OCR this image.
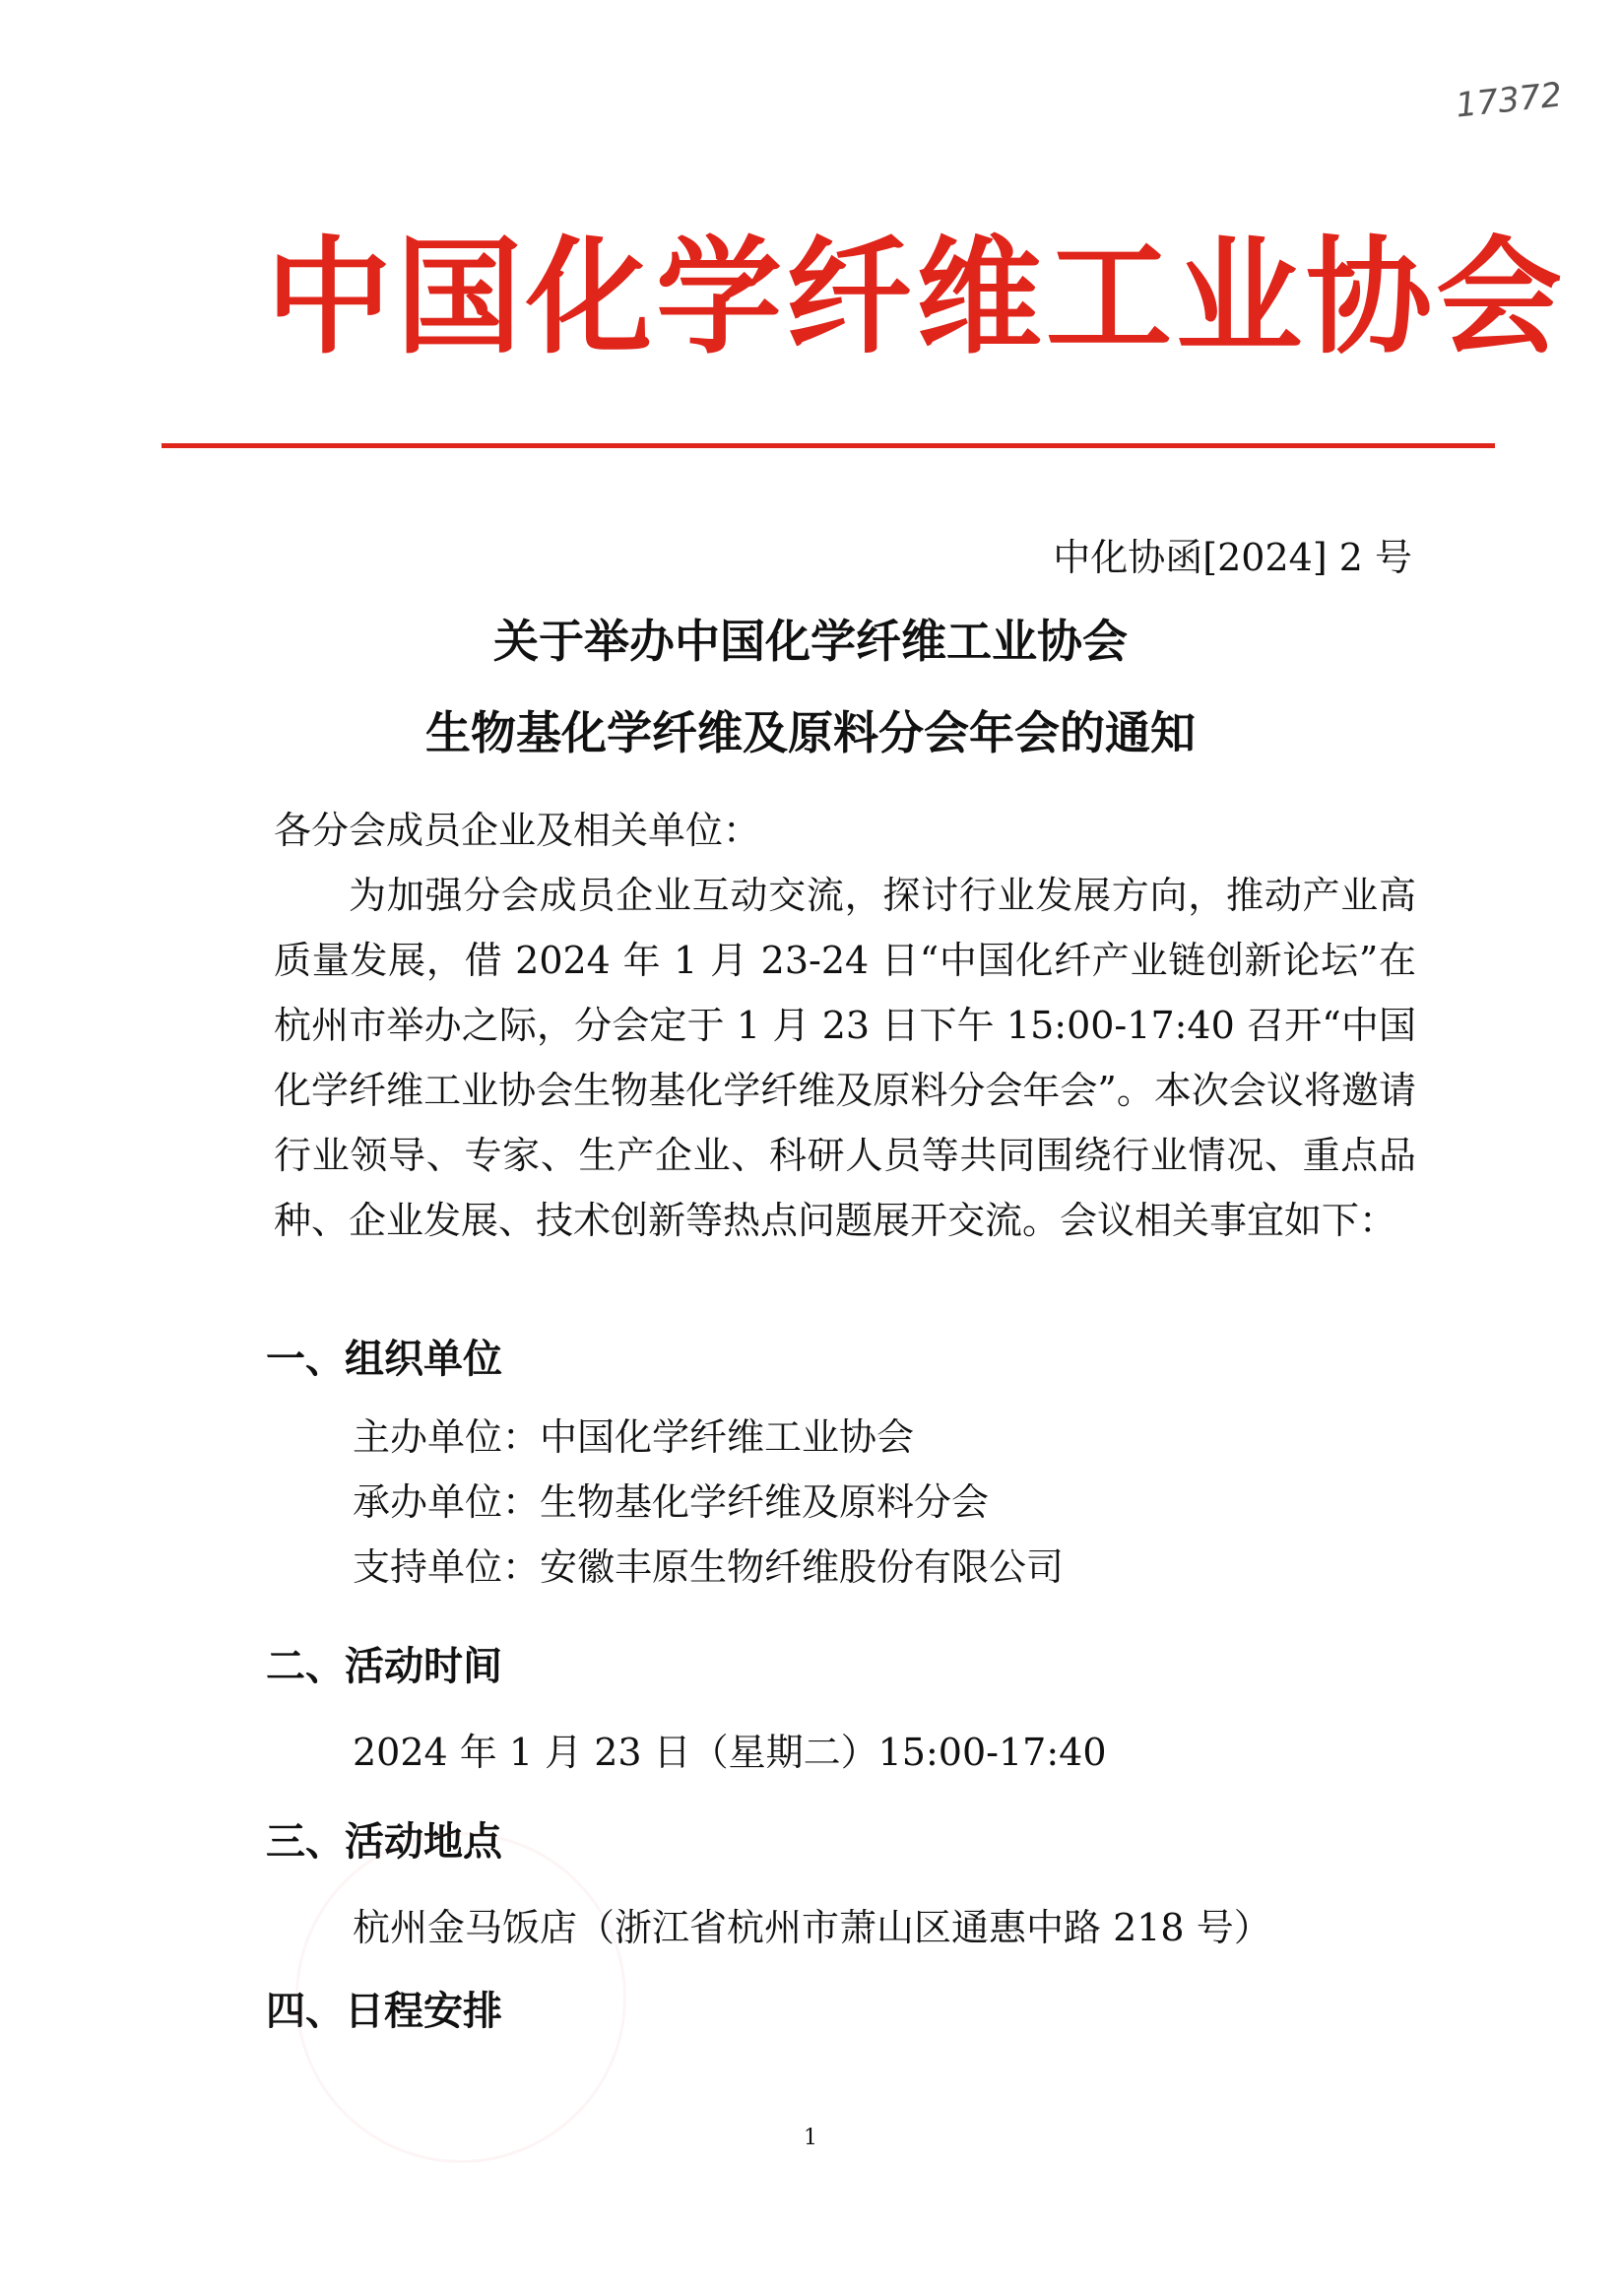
17372
中国化学纤维工业协会
中化协函[2024] 2 号
关于举办中国化学纤维工业协会
生物基化学纤维及原料分会年会的通知
各分会成员企业及相关单位：
为加强分会成员企业互动交流，探讨行业发展方向，推动产业高质量发展，借 2024 年 1 月 23-24 日“中国化纤产业链创新论坛”在杭州市举办之际，分会定于 1 月 23 日下午 15:00-17:40 召开“中国化学纤维工业协会生物基化学纤维及原料分会年会”。本次会议将邀请行业领导、专家、生产企业、科研人员等共同围绕行业情况、重点品种、企业发展、技术创新等热点问题展开交流。会议相关事宜如下：
一、组织单位
主办单位：中国化学纤维工业协会
承办单位：生物基化学纤维及原料分会
支持单位：安徽丰原生物纤维股份有限公司
二、活动时间
2024 年 1 月 23 日（星期二）15:00-17:40
三、活动地点
杭州金马饭店（浙江省杭州市萧山区通惠中路 218 号）
四、日程安排
1
